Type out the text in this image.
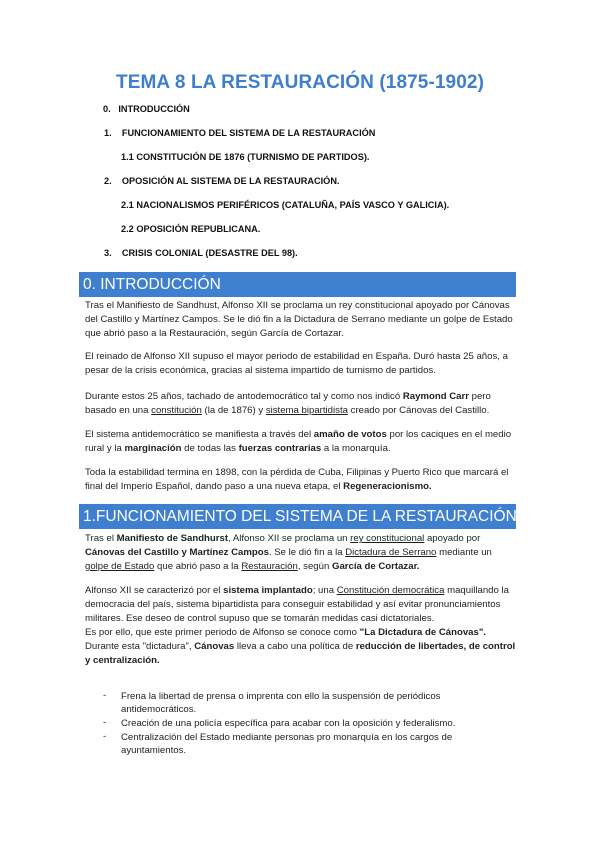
TEMA 8 LA RESTAURACIÓN (1875-1902)
0. INTRODUCCIÓN
1. FUNCIONAMIENTO DEL SISTEMA DE LA RESTAURACIÓN
1.1 CONSTITUCIÓN DE 1876 (TURNISMO DE PARTIDOS).
2. OPOSICIÓN AL SISTEMA DE LA RESTAURACIÓN.
2.1 NACIONALISMOS PERIFÉRICOS (CATALUÑA, PAÍS VASCO Y GALICIA).
2.2 OPOSICIÓN REPUBLICANA.
3. CRISIS COLONIAL (DESASTRE DEL 98).
0. INTRODUCCIÓN

Tras el Manifiesto de Sandhust, Alfonso XII se proclama un rey constitucional apoyado por Cánovas del Castillo y Martínez Campos. Se le dió fin a la Dictadura de Serrano mediante un golpe de Estado que abrió paso a la Restauración, según García de Cortazar.

El reinado de Alfonso XII supuso el mayor periodo de estabilidad en España. Duró hasta 25 años, a pesar de la crisis económica, gracias al sistema impartido de turnismo de partidos.

Durante estos 25 años, tachado de antodemocrático tal y como nos indicó Raymond Carr pero basado en una constitución (la de 1876) y sistema bipartidista creado por Cánovas del Castillo.

El sistema antidemocrático se manifiesta a través del amaño de votos por los caciques en el medio rural y la marginación de todas las fuerzas contrarias a la monarquía.

Toda la estabilidad termina en 1898, con la pérdida de Cuba, Filipinas y Puerto Rico que marcará el final del Imperio Español, dando paso a una nueva etapa, el Regeneracionismo.

1.FUNCIONAMIENTO DEL SISTEMA DE LA RESTAURACIÓN

Tras el Manifiesto de Sandhurst, Alfonso XII se proclama un rey constitucional apoyado por Cánovas del Castillo y Martínez Campos. Se le dió fin a la Dictadura de Serrano mediante un golpe de Estado que abrió paso a la Restauración, según García de Cortazar.

Alfonso XII se caracterizó por el sistema implantado; una Constitución democrática maquillando la democracia del país, sistema bipartidista para conseguir estabilidad y así evitar pronunciamientos militares. Ese deseo de control supuso que se tomarán medidas casi dictatoriales.

Es por ello, que este primer periodo de Alfonso se conoce como "La Dictadura de Cánovas". Durante esta "dictadura", Cánovas lleva a cabo una política de reducción de libertades, de control y centralización.

- Frena la libertad de prensa o imprenta con ello la suspensión de periódicos antidemocráticos.
- Creación de una policía específica para acabar con la oposición y federalismo.
- Centralización del Estado mediante personas pro monarquía en los cargos de ayuntamientos.
